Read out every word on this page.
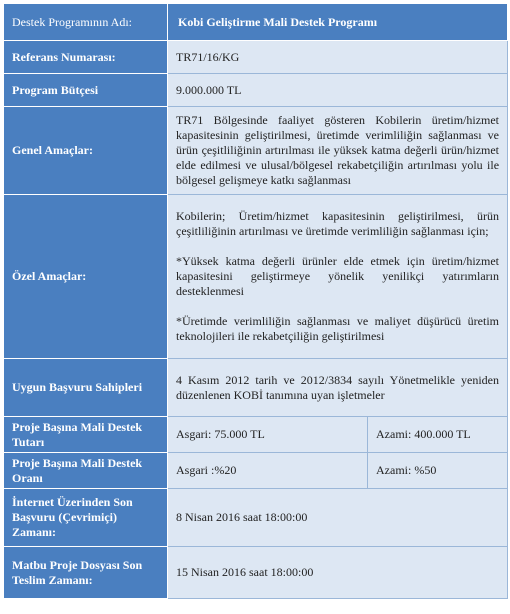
Destek Programının Adı:	Kobi Geliştirme Mali Destek Programı	
Referans Numarası:	TR71/16/KG	
Program Bütçesi	9.000.000 TL	
Genel Amaçlar:	TR71 Bölgesinde faaliyet gösteren Kobilerin üretim/hizmet kapasitesinin geliştirilmesi, üretimde verimliliğin sağlanması ve ürün çeşitliliğinin artırılması ile yüksek katma değerli ürün/hizmet elde edilmesi ve ulusal/bölgesel rekabetçiliğin artırılması yolu ile bölgesel gelişmeye katkı sağlanması	

Özel Amaçlar:	Kobilerin; Üretim/hizmet kapasitesinin geliştirilmesi, ürün çeşitliliğinin artırılması ve üretimde verimliliğin sağlanması için;

*Yüksek katma değerli ürünler elde etmek için üretim/hizmet kapasitesini geliştirmeye yönelik yenilikçi yatırımların desteklenmesi

*Üretimde verimliliğin sağlanması ve maliyet düşürücü üretim teknolojileri ile rekabetçiliğin geliştirilmesi	

Uygun Başvuru Sahipleri	4 Kasım 2012 tarih ve 2012/3834 sayılı Yönetmelikle yeniden düzenlenen KOBİ tanımına uyan işletmeler	

Proje Başına Mali Destek Tutarı	Asgari: 75.000 TL	Azami: 400.000 TL
Proje Başına Mali Destek Oranı	Asgari :%20	Azami: %50
İnternet Üzerinden Son Başvuru (Çevrimiçi) Zamanı:	8 Nisan 2016 saat 18:00:00	
Matbu Proje Dosyası Son Teslim Zamanı:	15 Nisan 2016 saat 18:00:00	
